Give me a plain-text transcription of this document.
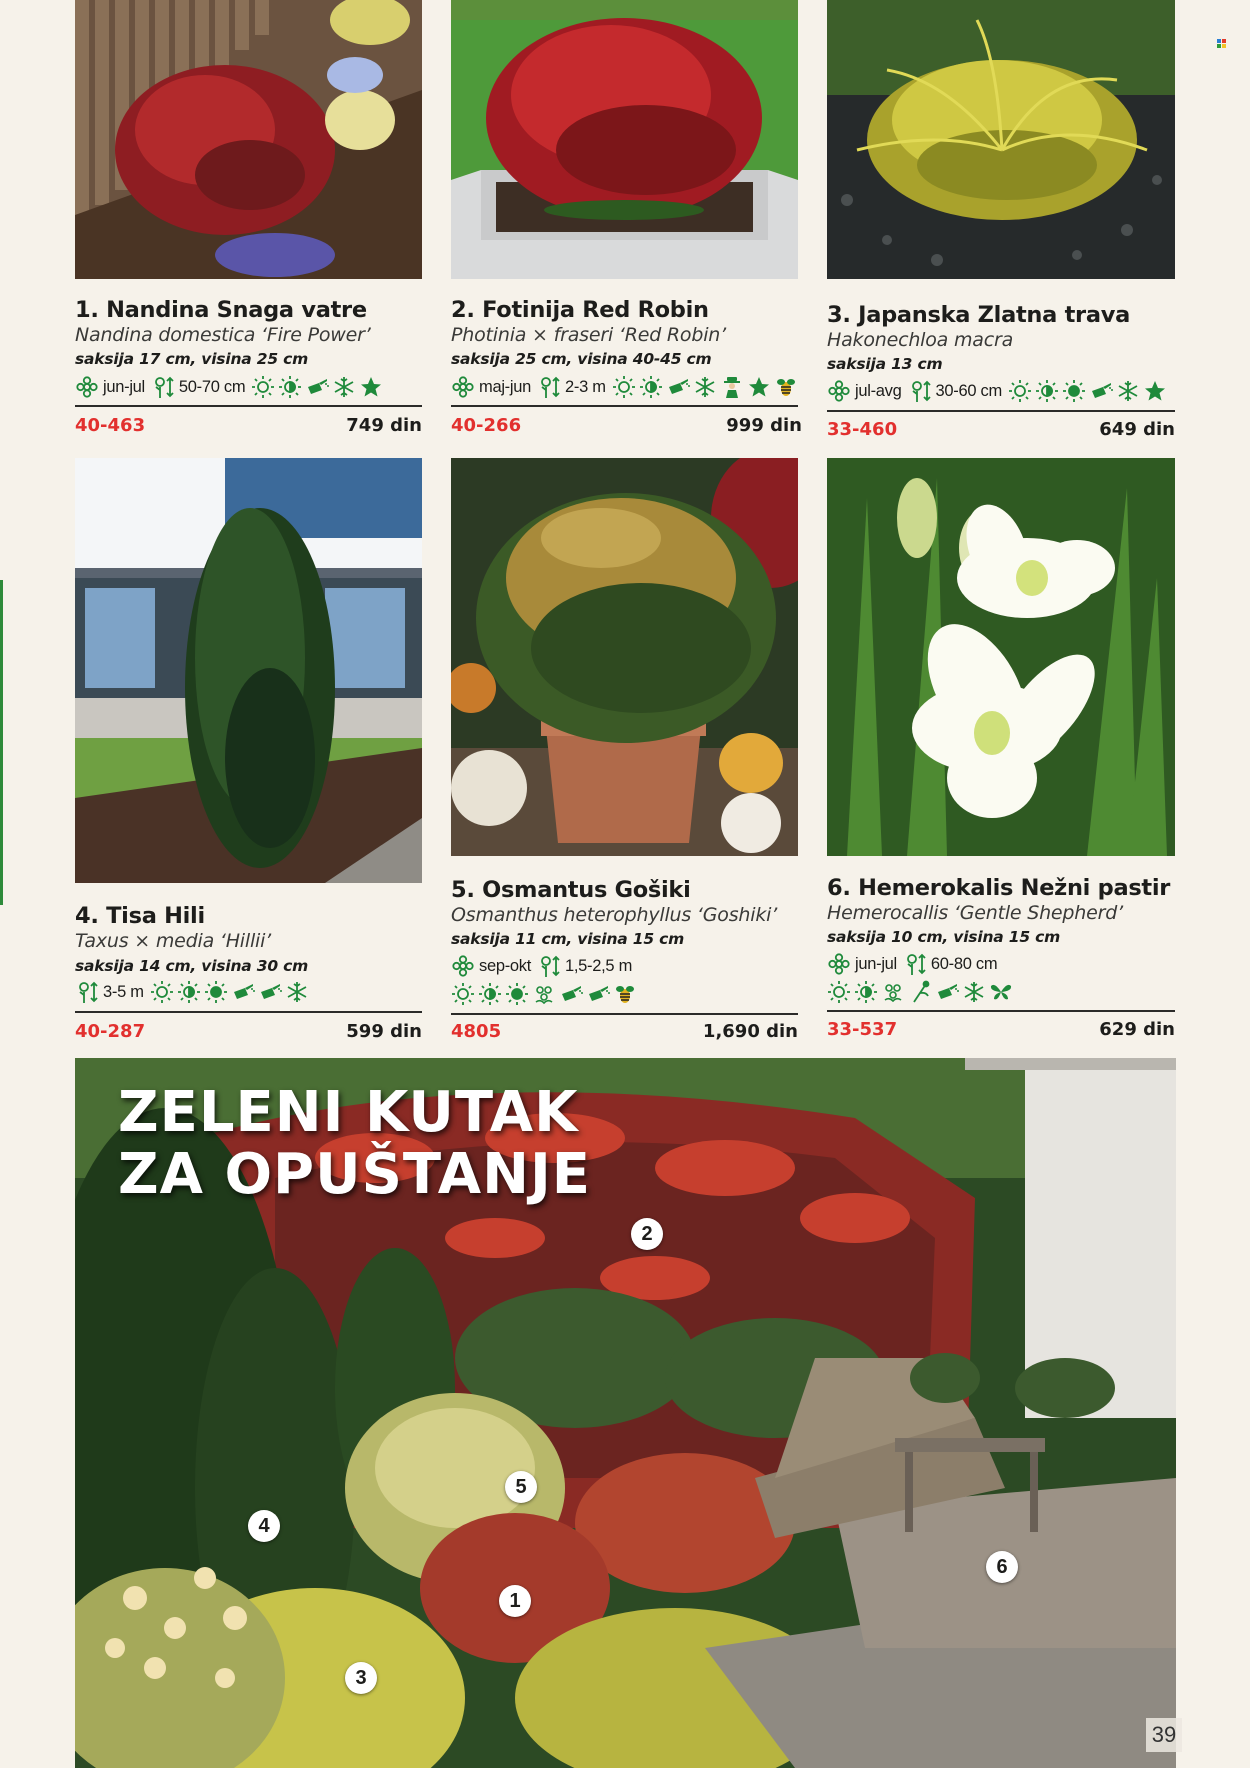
1. Nandina Snaga vatre
Nandina domestica ‘Fire Power’
saksija 17 cm, visina 25 cm
jun-jul 50-70 cm
40-463	749 din
2. Fotinija Red Robin
Photinia × fraseri ‘Red Robin’
saksija 25 cm, visina 40-45 cm
maj-jun 2-3 m
40-266	999 din
3. Japanska Zlatna trava
Hakonechloa macra
saksija 13 cm
jul-avg 30-60 cm
33-460	649 din
4. Tisa Hili
Taxus × media ‘Hillii’
saksija 14 cm, visina 30 cm
3-5 m
40-287	599 din
5. Osmantus Gošiki
Osmanthus heterophyllus ‘Goshiki’
saksija 11 cm, visina 15 cm
sep-okt 1,5-2,5 m
4805	1,690 din
6. Hemerokalis Nežni pastir
Hemerocallis ‘Gentle Shepherd’
saksija 10 cm, visina 15 cm
jun-jul 60-80 cm
33-537	629 din
ZELENI KUTAK
ZA OPUŠTANJE
2
5
4
1
6
3
39
